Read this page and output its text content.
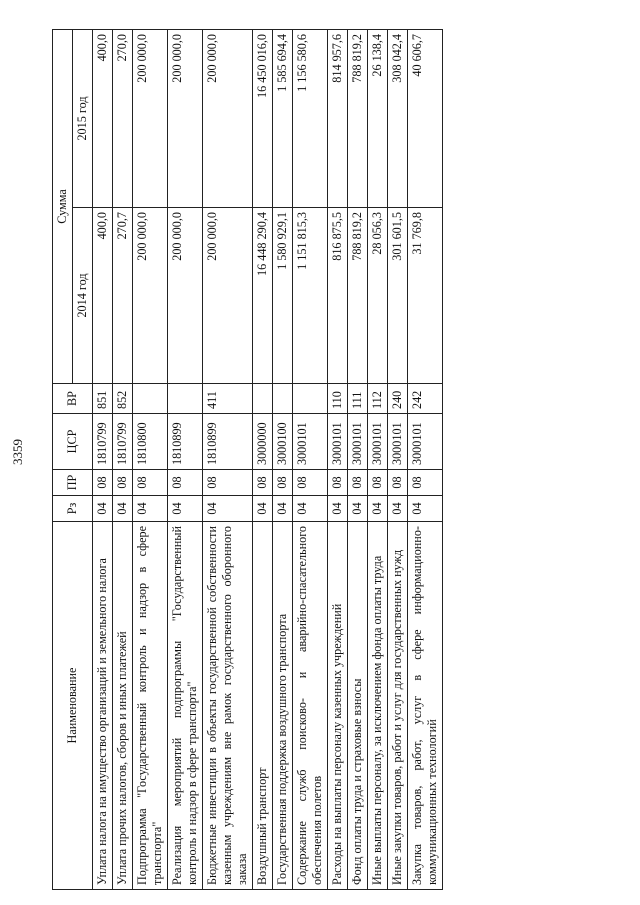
3359
Наименование	Рз	ПР	ЦСР	ВР	Сумма	
					2014 год	2015 год
Уплата налога на имущество организаций и земельного налога	04	08	1810799	851	400,0	400,0
Уплата прочих налогов, сборов и иных платежей	04	08	1810799	852	270,7	270,0
Подпрограмма "Государственный контроль и надзор в сфере транспорта"	04	08	1810800		200 000,0	200 000,0
Реализация мероприятий подпрограммы "Государственный контроль и надзор в сфере транспорта"	04	08	1810899		200 000,0	200 000,0
Бюджетные инвестиции в объекты государственной собственности казенным учреждениям вне рамок государственного оборонного заказа	04	08	1810899	411	200 000,0	200 000,0
Воздушный транспорт	04	08	3000000		16 448 290,4	16 450 016,0
Государственная поддержка воздушного транспорта	04	08	3000100		1 580 929,1	1 585 694,4
Содержание служб поисково- и аварийно-спасательного обеспечения полетов	04	08	3000101		1 151 815,3	1 156 580,6
Расходы на выплаты персоналу казенных учреждений	04	08	3000101	110	816 875,5	814 957,6
Фонд оплаты труда и страховые взносы	04	08	3000101	111	788 819,2	788 819,2
Иные выплаты персоналу, за исключением фонда оплаты труда	04	08	3000101	112	28 056,3	26 138,4
Иные закупки товаров, работ и услуг для государственных нужд	04	08	3000101	240	301 601,5	308 042,4
Закупка товаров, работ, услуг в сфере информационно-коммуникационных технологий	04	08	3000101	242	31 769,8	40 606,7
